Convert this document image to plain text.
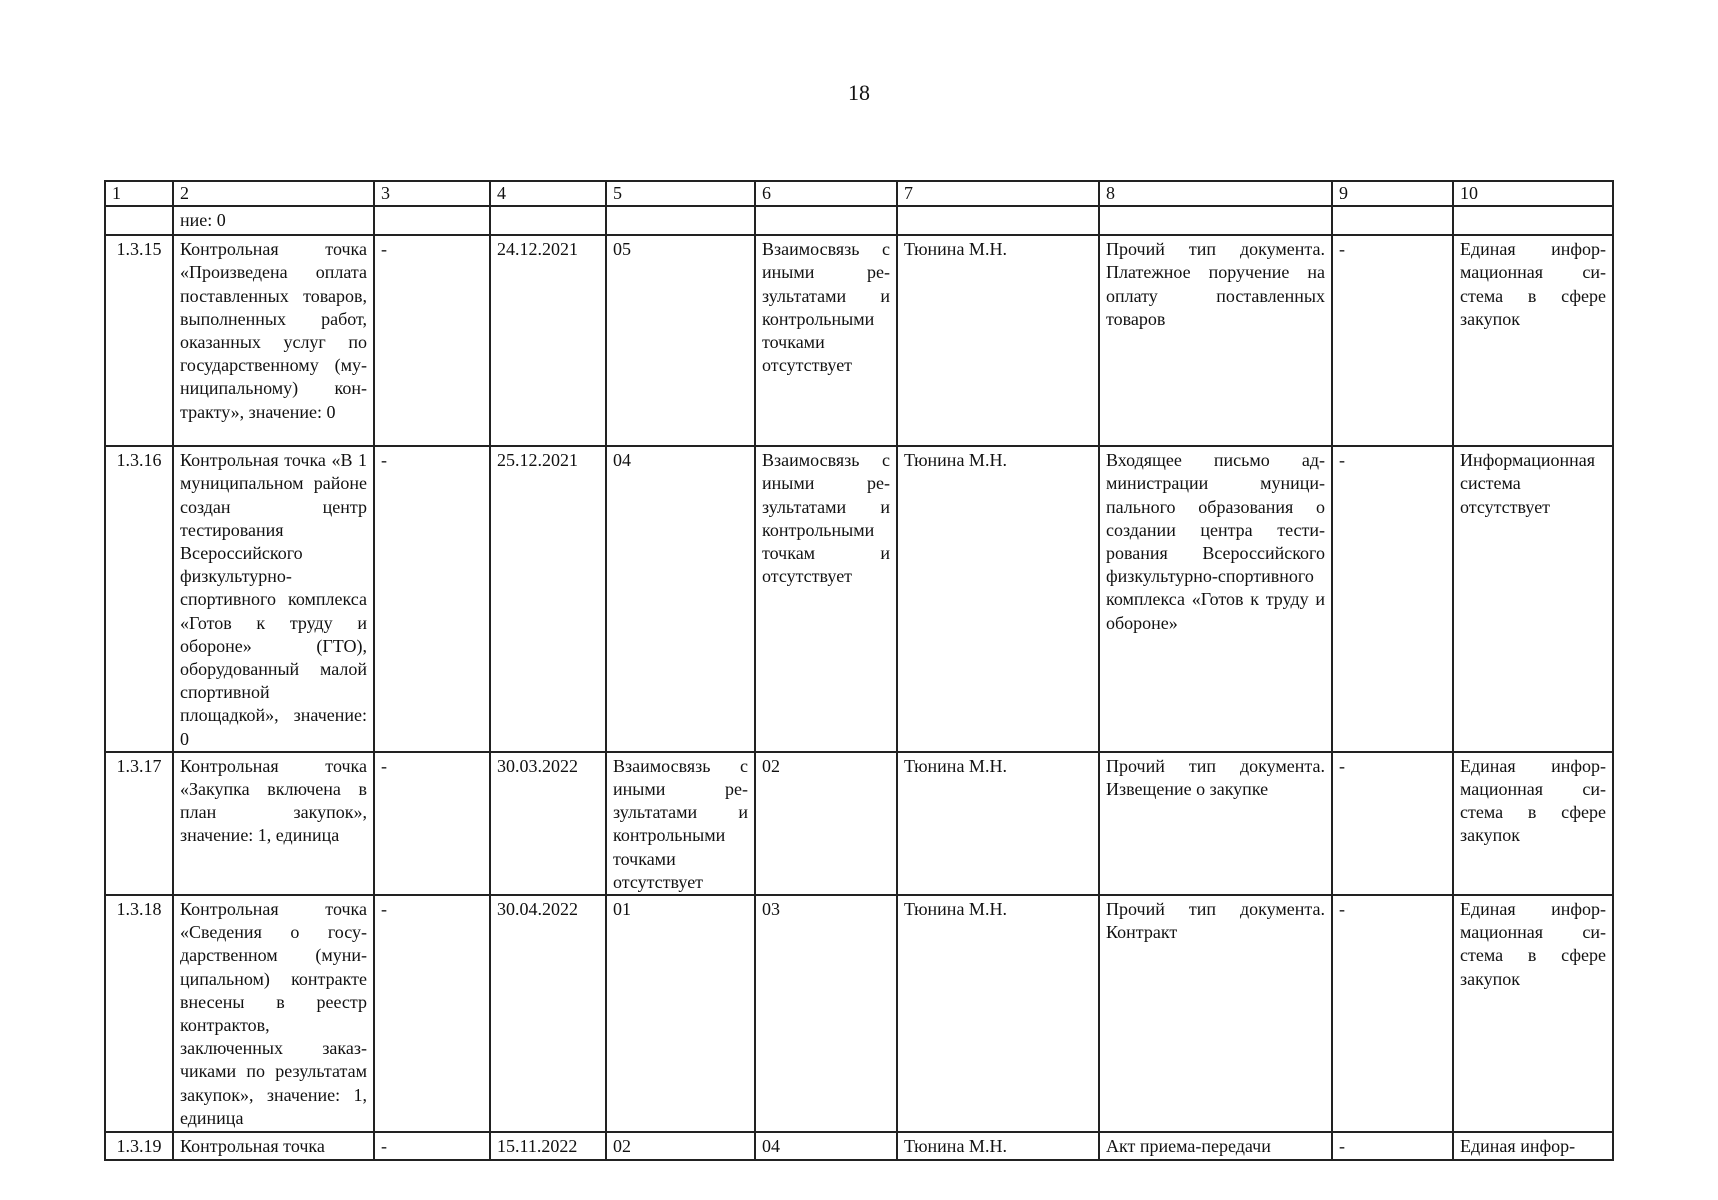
18
1	2	3	4	5	6	7	8	9	10
	ние: 0								
1.3.15	Контрольная точка «Произведена оплата поставленных товаров, выполненных работ, оказанных услуг по государственному (муниципальному) контракту», значение: 0	-	24.12.2021	05	Взаимосвязь с иными результатами и контрольными точками отсутствует	Тюнина М.Н.	Прочий тип документа. Платежное поручение на оплату поставленных товаров	-	Единая информационная система в сфере закупок
1.3.16	Контрольная точка «В 1 муниципальном районе создан центр тестирования Всероссийского физкультурно-спортивного комплекса «Готов к труду и обороне» (ГТО), оборудованный малой спортивной площадкой», значение: 0	-	25.12.2021	04	Взаимосвязь с иными результатами и контрольными точкам и отсутствует	Тюнина М.Н.	Входящее письмо администрации муниципального образования о создании центра тестирования Всероссийского физкультурно-спортивного комплекса «Готов к труду и обороне»	-	Информационная система отсутствует
1.3.17	Контрольная точка «Закупка включена в план закупок», значение: 1, единица	-	30.03.2022	Взаимосвязь с иными результатами и контрольными точками отсутствует	02	Тюнина М.Н.	Прочий тип документа. Извещение о закупке	-	Единая информационная система в сфере закупок
1.3.18	Контрольная точка «Сведения о государственном (муниципальном) контракте внесены в реестр контрактов, заключенных заказчиками по результатам закупок», значение: 1, единица	-	30.04.2022	01	03	Тюнина М.Н.	Прочий тип документа. Контракт	-	Единая информационная система в сфере закупок
1.3.19	Контрольная точка	-	15.11.2022	02	04	Тюнина М.Н.	Акт приема-передачи	-	Единая инфор-
